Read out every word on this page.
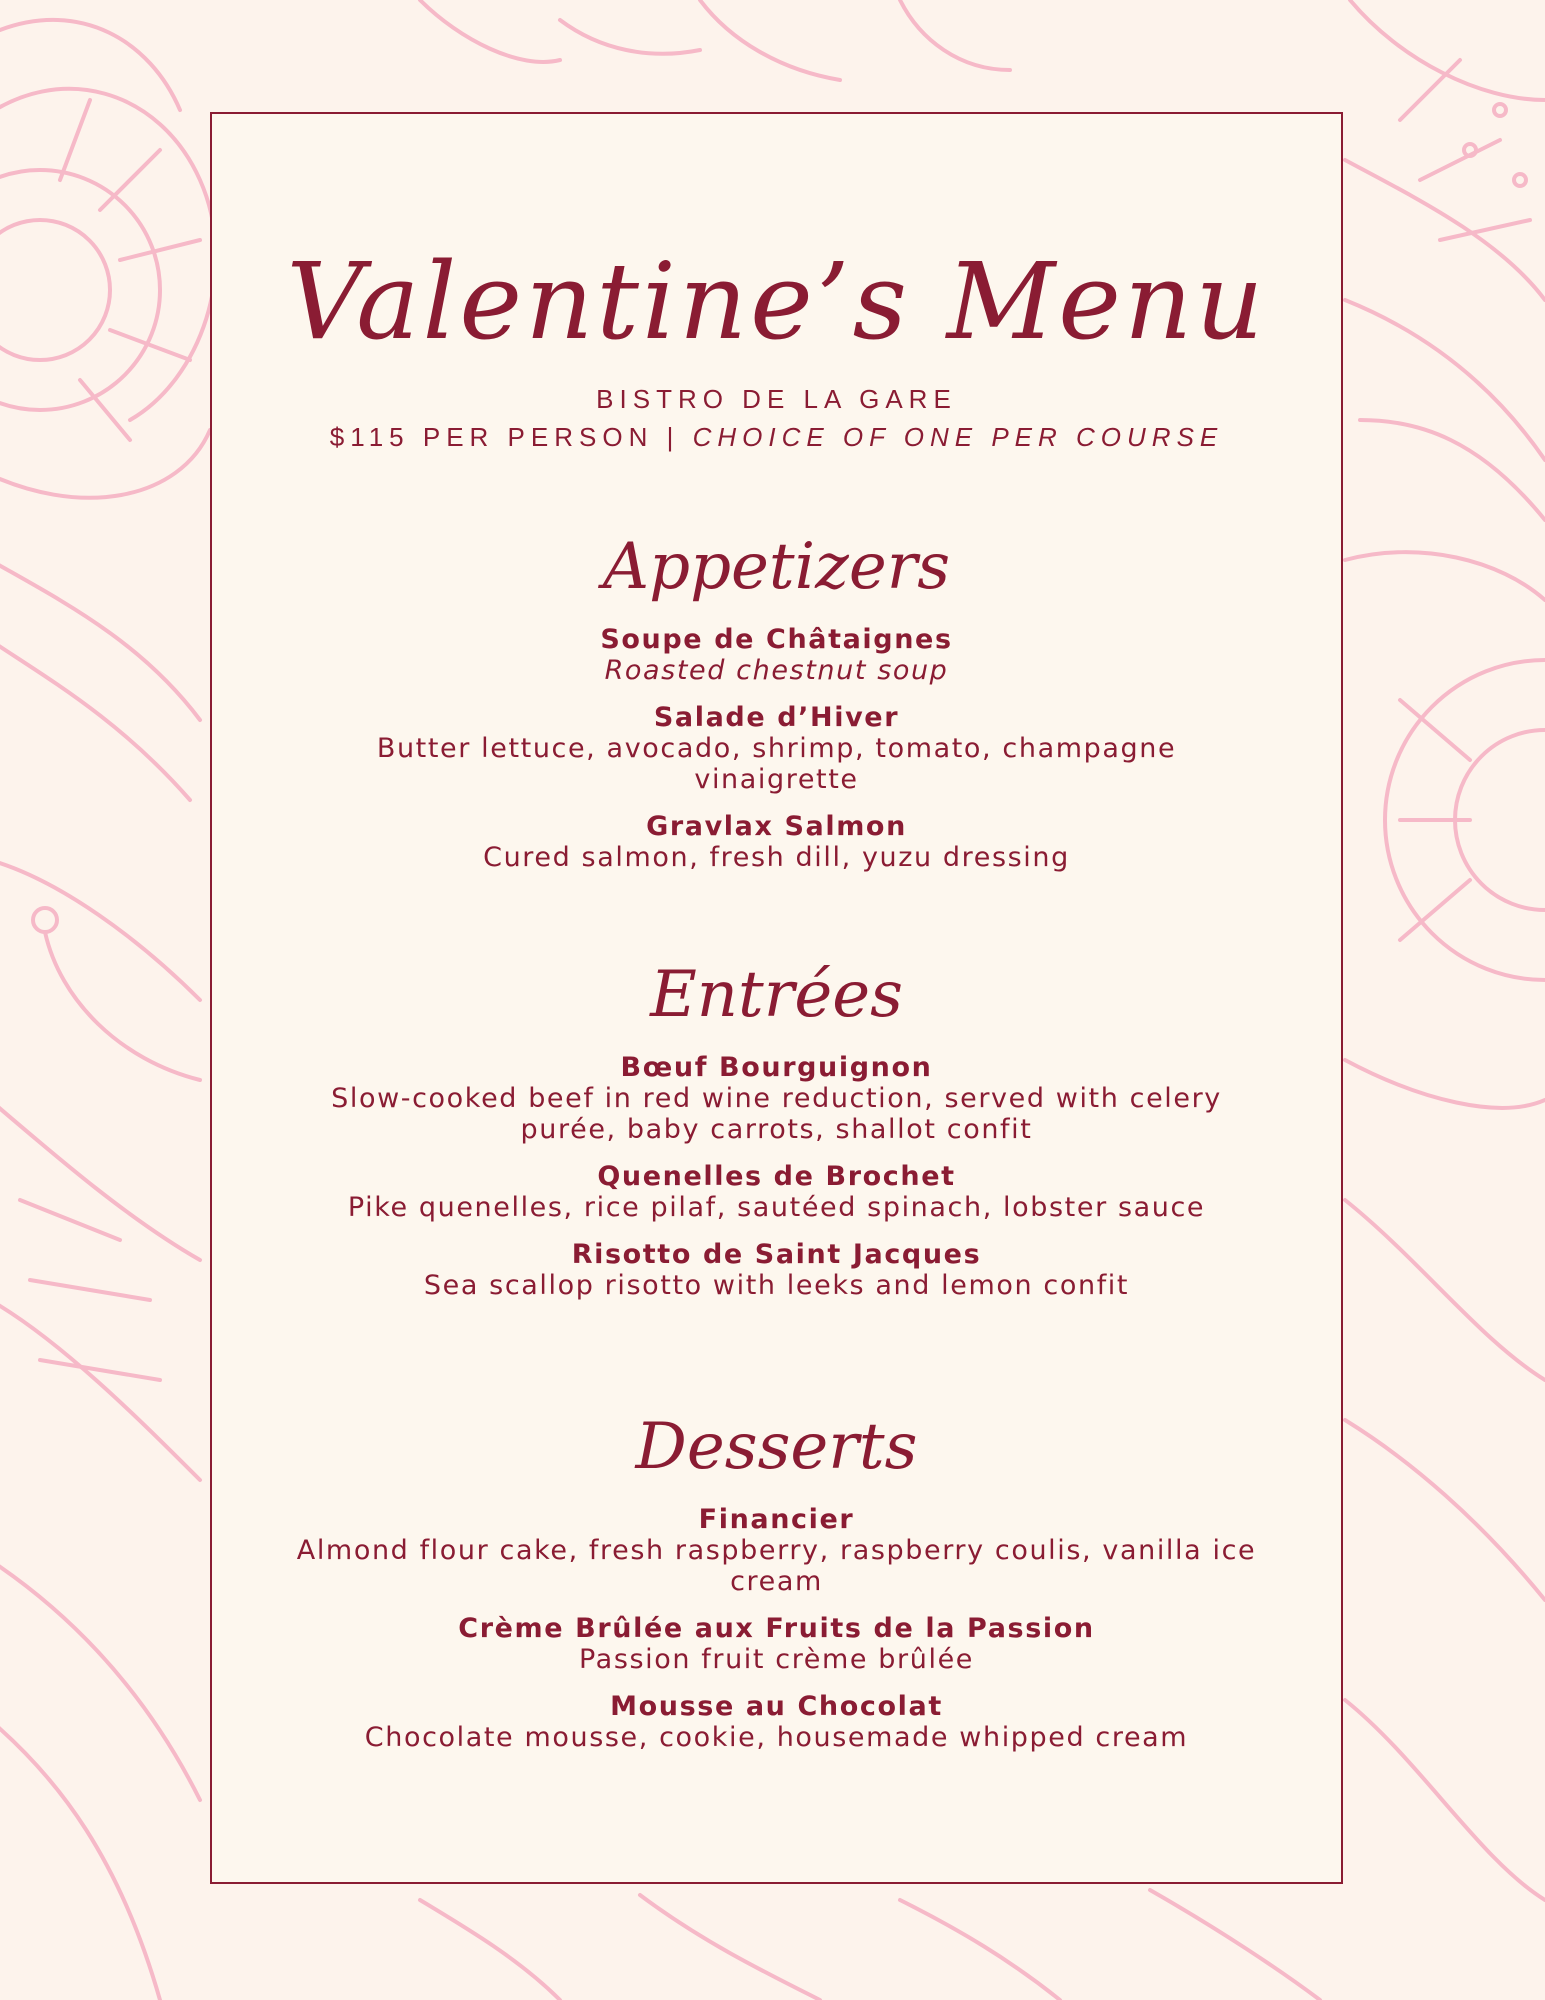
Valentine’s Menu
BISTRO DE LA GARE
$115 PER PERSON | CHOICE OF ONE PER COURSE
Appetizers
Soupe de Châtaignes
Roasted chestnut soup
Salade d’Hiver
Butter lettuce, avocado, shrimp, tomato, champagne vinaigrette
Gravlax Salmon
Cured salmon, fresh dill, yuzu dressing
Entrées
Bœuf Bourguignon
Slow-cooked beef in red wine reduction, served with celery purée, baby carrots, shallot confit
Quenelles de Brochet
Pike quenelles, rice pilaf, sautéed spinach, lobster sauce
Risotto de Saint Jacques
Sea scallop risotto with leeks and lemon confit
Desserts
Financier
Almond flour cake, fresh raspberry, raspberry coulis, vanilla ice cream
Crème Brûlée aux Fruits de la Passion
Passion fruit crème brûlée
Mousse au Chocolat
Chocolate mousse, cookie, housemade whipped cream
